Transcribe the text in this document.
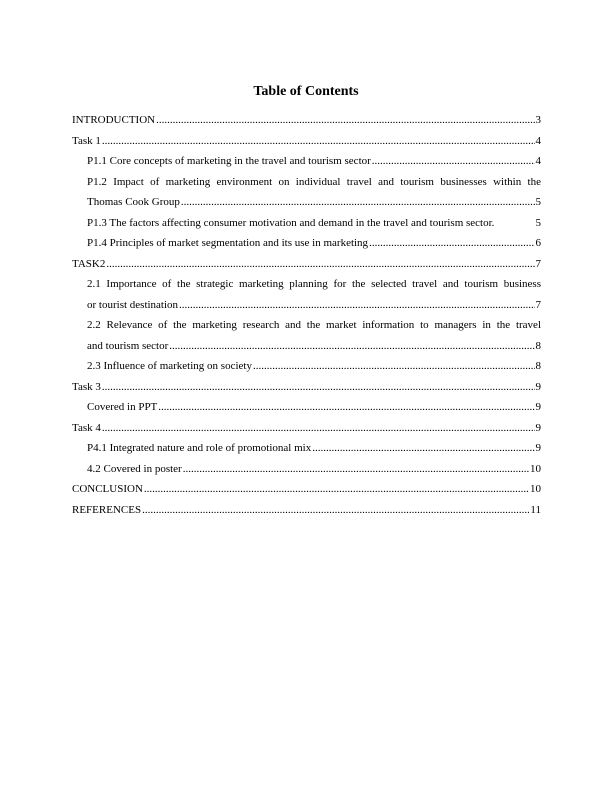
Table of Contents
INTRODUCTION .....	3
Task 1 .....	4
P1.1 Core concepts of marketing in the travel and tourism sector .....	4
P1.2 Impact of marketing environment on individual travel and tourism businesses within the
Thomas Cook Group .....	5
P1.3 The factors affecting consumer motivation and demand in the travel and tourism sector.	5
P1.4 Principles of market segmentation and its use in marketing .....	6
TASK2 .....	7
2.1 Importance of the strategic marketing planning for the selected travel and tourism business
or tourist destination .....	7
2.2 Relevance of the marketing research and the market information to managers in the travel
and tourism sector .....	8
2.3 Influence of marketing on society .....	8
Task 3 .....	9
Covered in PPT .....	9
Task 4 .....	9
P4.1 Integrated nature and role of promotional mix .....	9
4.2 Covered in poster .....	10
CONCLUSION .....	10
REFERENCES .....	11
